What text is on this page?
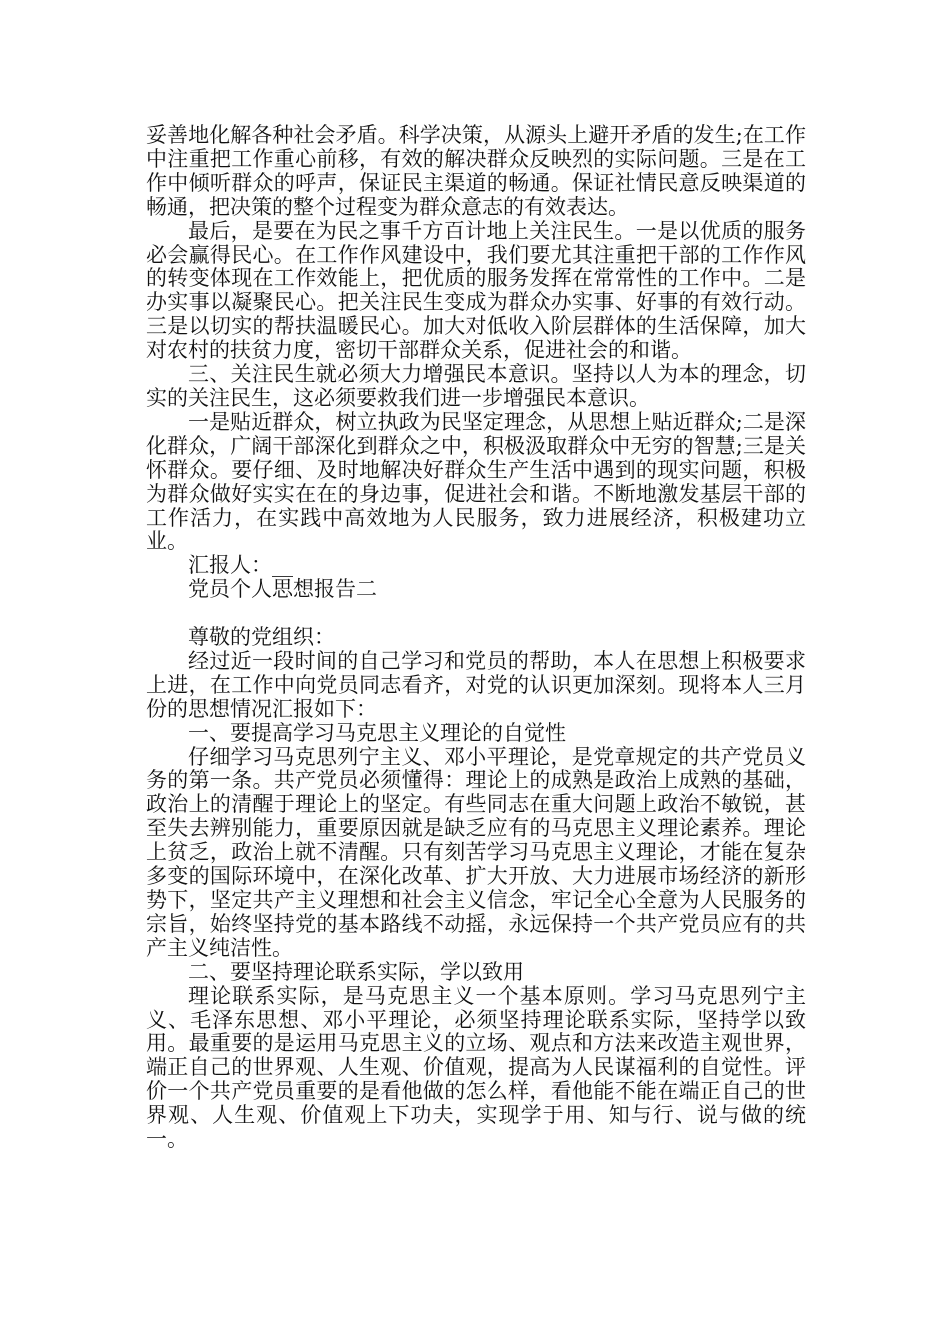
妥善地化解各种社会矛盾。科学决策，从源头上避开矛盾的发生;在工作中注重把工作重心前移，有效的解决群众反映烈的实际问题。三是在工作中倾听群众的呼声，保证民主渠道的畅通。保证社情民意反映渠道的畅通，把决策的整个过程变为群众意志的有效表达。

最后，是要在为民之事千方百计地上关注民生。一是以优质的服务必会赢得民心。在工作作风建设中，我们要尤其注重把干部的工作作风的转变体现在工作效能上，把优质的服务发挥在常常性的工作中。二是办实事以凝聚民心。把关注民生变成为群众办实事、好事的有效行动。三是以切实的帮扶温暖民心。加大对低收入阶层群体的生活保障，加大对农村的扶贫力度，密切干部群众关系，促进社会的和谐。

三、关注民生就必须大力增强民本意识。坚持以人为本的理念，切实的关注民生，这必须要救我们进一步增强民本意识。

一是贴近群众，树立执政为民坚定理念，从思想上贴近群众;二是深化群众，广阔干部深化到群众之中，积极汲取群众中无穷的智慧;三是关怀群众。要仔细、及时地解决好群众生产生活中遇到的现实问题，积极为群众做好实实在在的身边事，促进社会和谐。不断地激发基层干部的工作活力，在实践中高效地为人民服务，致力进展经济，积极建功立业。

汇报人：__

党员个人思想报告二

尊敬的党组织：

经过近一段时间的自己学习和党员的帮助，本人在思想上积极要求上进，在工作中向党员同志看齐，对党的认识更加深刻。现将本人三月份的思想情况汇报如下：

一、要提高学习马克思主义理论的自觉性

仔细学习马克思列宁主义、邓小平理论，是党章规定的共产党员义务的第一条。共产党员必须懂得：理论上的成熟是政治上成熟的基础，政治上的清醒于理论上的坚定。有些同志在重大问题上政治不敏锐，甚至失去辨别能力，重要原因就是缺乏应有的马克思主义理论素养。理论上贫乏，政治上就不清醒。只有刻苦学习马克思主义理论，才能在复杂多变的国际环境中，在深化改革、扩大开放、大力进展市场经济的新形势下，坚定共产主义理想和社会主义信念，牢记全心全意为人民服务的宗旨，始终坚持党的基本路线不动摇，永远保持一个共产党员应有的共产主义纯洁性。

二、要坚持理论联系实际，学以致用

理论联系实际，是马克思主义一个基本原则。学习马克思列宁主义、毛泽东思想、邓小平理论，必须坚持理论联系实际，坚持学以致用。最重要的是运用马克思主义的立场、观点和方法来改造主观世界，端正自己的世界观、人生观、价值观，提高为人民谋福利的自觉性。评价一个共产党员重要的是看他做的怎么样，看他能不能在端正自己的世界观、人生观、价值观上下功夫，实现学于用、知与行、说与做的统一。
